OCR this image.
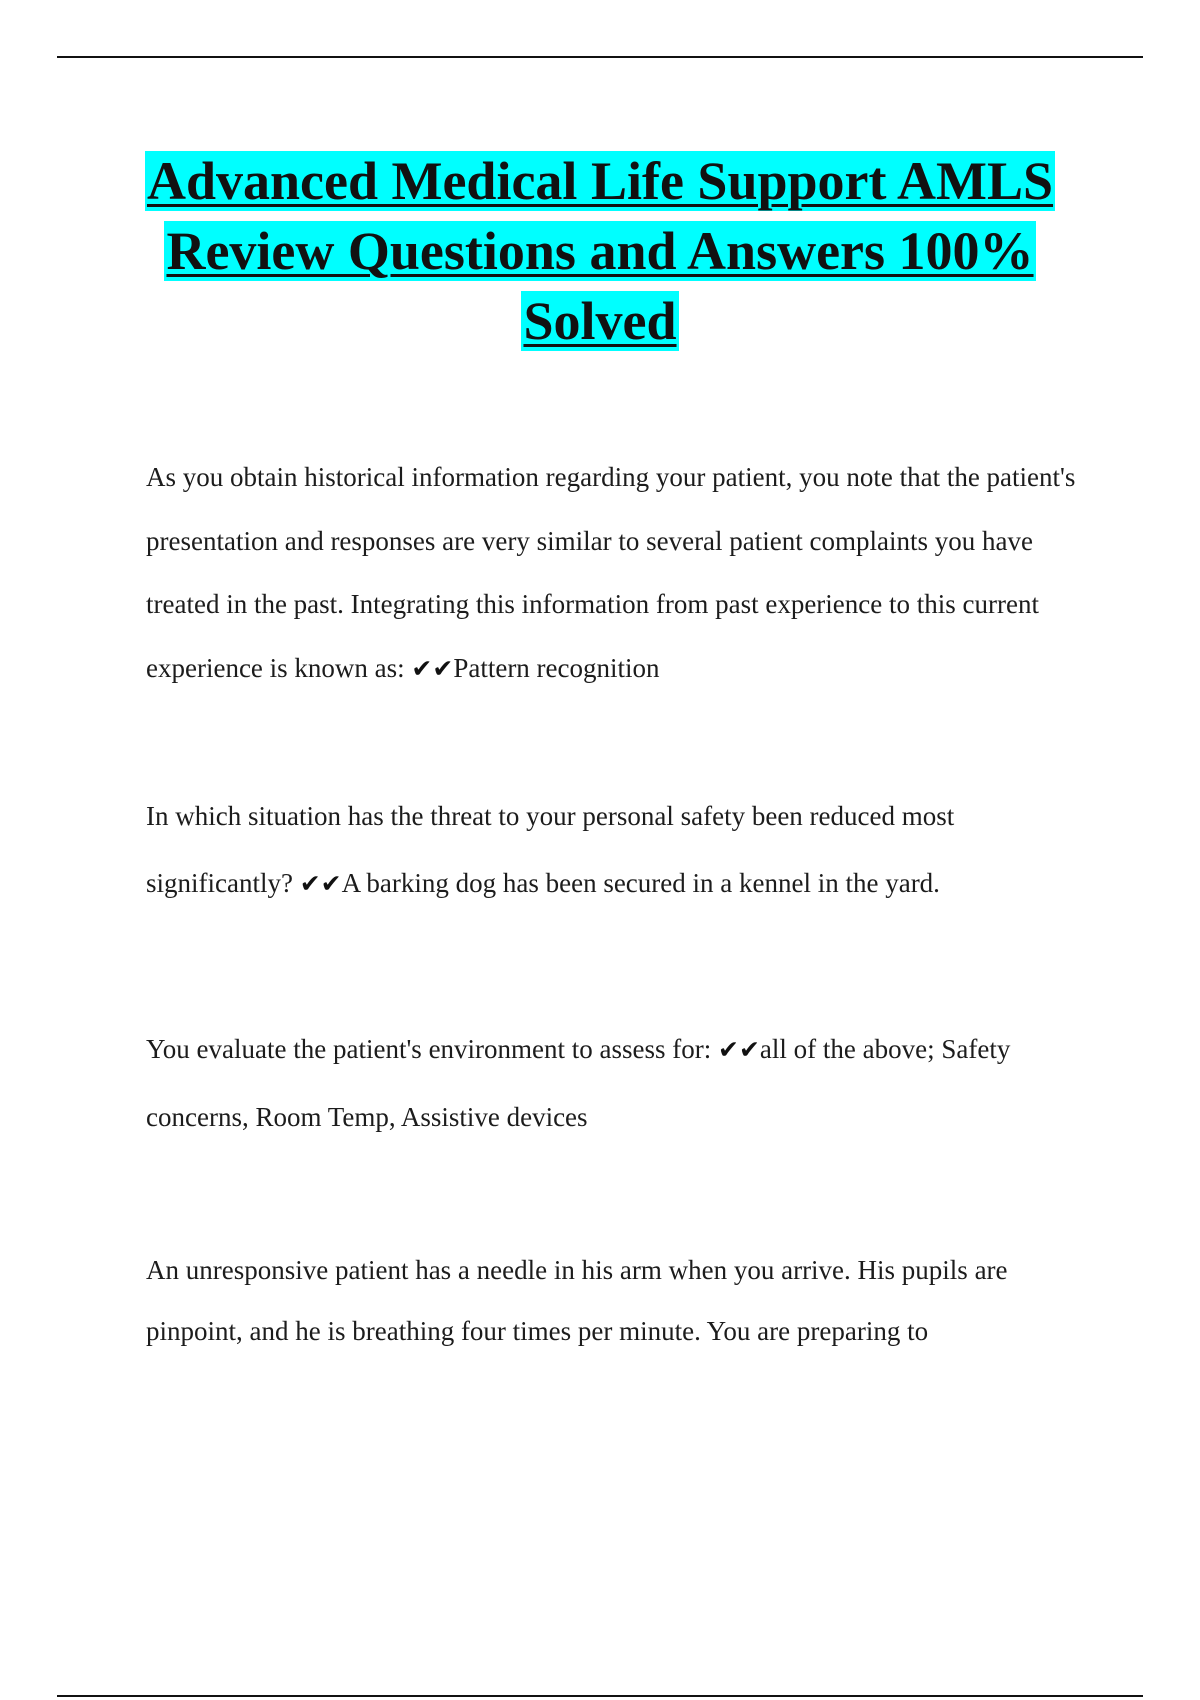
Advanced Medical Life Support AMLS
Review Questions and Answers 100%
Solved

As you obtain historical information regarding your patient, you note that the patient's presentation and responses are very similar to several patient complaints you have treated in the past. Integrating this information from past experience to this current experience is known as: ✔✔Pattern recognition

In which situation has the threat to your personal safety been reduced most significantly? ✔✔A barking dog has been secured in a kennel in the yard.

You evaluate the patient's environment to assess for: ✔✔all of the above; Safety concerns, Room Temp, Assistive devices

An unresponsive patient has a needle in his arm when you arrive. His pupils are pinpoint, and he is breathing four times per minute. You are preparing to
